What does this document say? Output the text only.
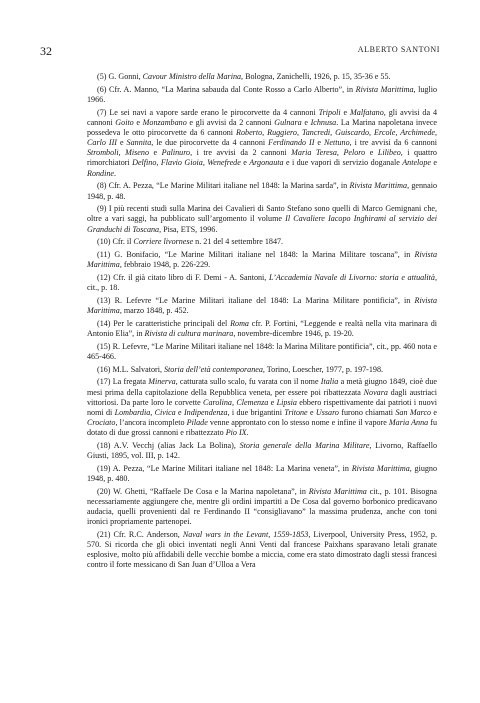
32	ALBERTO SANTONI

(5) G. Gonni, Cavour Ministro della Marina, Bologna, Zanichelli, 1926, p. 15, 35-36 e 55.

(6) Cfr. A. Manno, “La Marina sabauda dal Conte Rosso a Carlo Alberto”, in Rivista Marittima, luglio 1966.

(7) Le sei navi a vapore sarde erano le pirocorvette da 4 cannoni Tripoli e Malfatano, gli avvisi da 4 cannoni Goito e Monzambano e gli avvisi da 2 cannoni Gulnara e Ichnusa. La Marina napoletana invece possedeva le otto pirocorvette da 6 cannoni Roberto, Ruggiero, Tancredi, Guiscardo, Ercole, Archimede, Carlo III e Sannita, le due pirocorvette da 4 cannoni Ferdinando II e Nettuno, i tre avvisi da 6 cannoni Stromboli, Miseno e Palinuro, i tre avvisi da 2 cannoni Maria Teresa, Peloro e Lilibeo, i quattro rimorchiatori Delfino, Flavio Gioia, Wenefrede e Argonauta e i due vapori di servizio doganale Antelope e Rondine.

(8) Cfr. A. Pezza, “Le Marine Militari italiane nel 1848: la Marina sarda”, in Rivista Marittima, gennaio 1948, p. 48.

(9) I più recenti studi sulla Marina dei Cavalieri di Santo Stefano sono quelli di Marco Gemignani che, oltre a vari saggi, ha pubblicato sull’argomento il volume Il Cavaliere Iacopo Inghirami al servizio dei Granduchi di Toscana, Pisa, ETS, 1996.

(10) Cfr. il Corriere livornese n. 21 del 4 settembre 1847.

(11) G. Bonifacio, “Le Marine Militari italiane nel 1848: la Marina Militare toscana”, in Rivista Marittima, febbraio 1948, p. 226-229.

(12) Cfr. il già citato libro di F. Demi - A. Santoni, L’Accademia Navale di Livorno: storia e attualità, cit., p. 18.

(13) R. Lefevre “Le Marine Militari italiane del 1848: La Marina Militare pontificia”, in Rivista Marittima, marzo 1848, p. 452.

(14) Per le caratteristiche principali del Roma cfr. P. Fortini, “Leggende e realtà nella vita marinara di Antonio Elia”, in Rivista di cultura marinara, novembre-dicembre 1946, p. 19-20.

(15) R. Lefevre, “Le Marine Militari italiane nel 1848: la Marina Militare pontificia”, cit., pp. 460 nota e 465-466.

(16) M.L. Salvatori, Storia dell’età contemporanea, Torino, Loescher, 1977, p. 197-198.

(17) La fregata Minerva, catturata sullo scalo, fu varata con il nome Italia a metà giugno 1849, cioè due mesi prima della capitolazione della Repubblica veneta, per essere poi ribattezzata Novara dagli austriaci vittoriosi. Da parte loro le corvette Carolina, Clemenza e Lipsia ebbero rispettivamente dai patrioti i nuovi nomi di Lombardia, Civica e Indipendenza, i due brigantini Tritone e Ussaro furono chiamati San Marco e Crociato, l’ancora incompleto Pilade venne approntato con lo stesso nome e infine il vapore Maria Anna fu dotato di due grossi cannoni e ribattezzato Pio IX.

(18) A.V. Vecchj (alias Jack La Bolina), Storia generale della Marina Militare, Livorno, Raffaello Giusti, 1895, vol. III, p. 142.

(19) A. Pezza, “Le Marine Militari italiane nel 1848: La Marina veneta”, in Rivista Marittima, giugno 1948, p. 480.

(20) W. Ghetti, “Raffaele De Cosa e la Marina napoletana”, in Rivista Marittima cit., p. 101. Bisogna necessariamente aggiungere che, mentre gli ordini impartiti a De Cosa dal governo borbonico predicavano audacia, quelli provenienti dal re Ferdinando II “consigliavano” la massima prudenza, anche con toni ironici propriamente partenopei.

(21) Cfr. R.C. Anderson, Naval wars in the Levant, 1559-1853, Liverpool, University Press, 1952, p. 570. Si ricorda che gli obici inventati negli Anni Venti dal francese Paixhans sparavano letali granate esplosive, molto più affidabili delle vecchie bombe a miccia, come era stato dimostrato dagli stessi francesi contro il forte messicano di San Juan d’Ulloa a Vera
